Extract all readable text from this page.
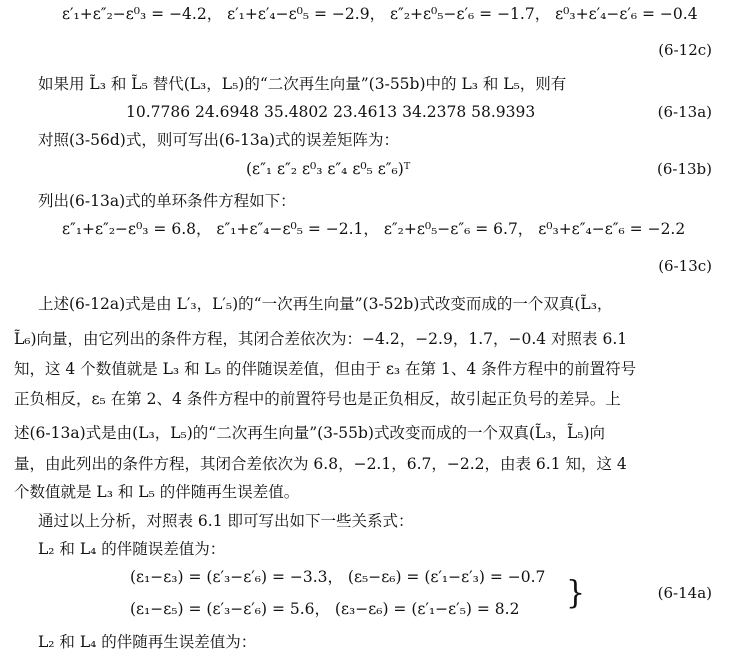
ε′₁+ε″₂−ε⁰₃ = −4.2， ε′₁+ε′₄−ε⁰₅ = −2.9， ε″₂+ε⁰₅−ε′₆ = −1.7， ε⁰₃+ε′₄−ε′₆ = −0.4
(6-12c)
如果用 L̃₃ 和 L̃₅ 替代(L₃，L₅)的“二次再生向量”(3-55b)中的 L₃ 和 L₅，则有
10.7786 24.6948 35.4802 23.4613 34.2378 58.9393	(6-13a)
对照(3-56d)式，则可写出(6-13a)式的误差矩阵为：
(ε″₁ ε″₂ ε⁰₃ ε″₄ ε⁰₅ ε″₆)ᵀ	(6-13b)
列出(6-13a)式的单环条件方程如下：
ε″₁+ε″₂−ε⁰₃ = 6.8， ε″₁+ε″₄−ε⁰₅ = −2.1， ε″₂+ε⁰₅−ε″₆ = 6.7， ε⁰₃+ε″₄−ε″₆ = −2.2
(6-13c)
上述(6-12a)式是由 L′₃，L′₅)的“一次再生向量”(3-52b)式改变而成的一个双真(L̃₃，
L̃₆)向量，由它列出的条件方程，其闭合差依次为：−4.2，−2.9，1.7，−0.4 对照表 6.1
知，这 4 个数值就是 L₃ 和 L₅ 的伴随误差值，但由于 ε₃ 在第 1、4 条件方程中的前置符号
正负相反，ε₅ 在第 2、4 条件方程中的前置符号也是正负相反，故引起正负号的差异。上
述(6-13a)式是由(L₃，L₅)的“二次再生向量”(3-55b)式改变而成的一个双真(L̃₃，L̃₅)向
量，由此列出的条件方程，其闭合差依次为 6.8，−2.1，6.7，−2.2，由表 6.1 知，这 4
个数值就是 L₃ 和 L₅ 的伴随再生误差值。
通过以上分析，对照表 6.1 即可写出如下一些关系式：
L₂ 和 L₄ 的伴随误差值为：
(ε₁−ε₃) = (ε′₃−ε′₆) = −3.3， (ε₅−ε₆) = (ε′₁−ε′₃) = −0.7
(ε₁−ε₅) = (ε′₃−ε′₆) = 5.6， (ε₃−ε₆) = (ε′₁−ε′₅) = 8.2 }	(6-14a)
L₂ 和 L₄ 的伴随再生误差值为：
